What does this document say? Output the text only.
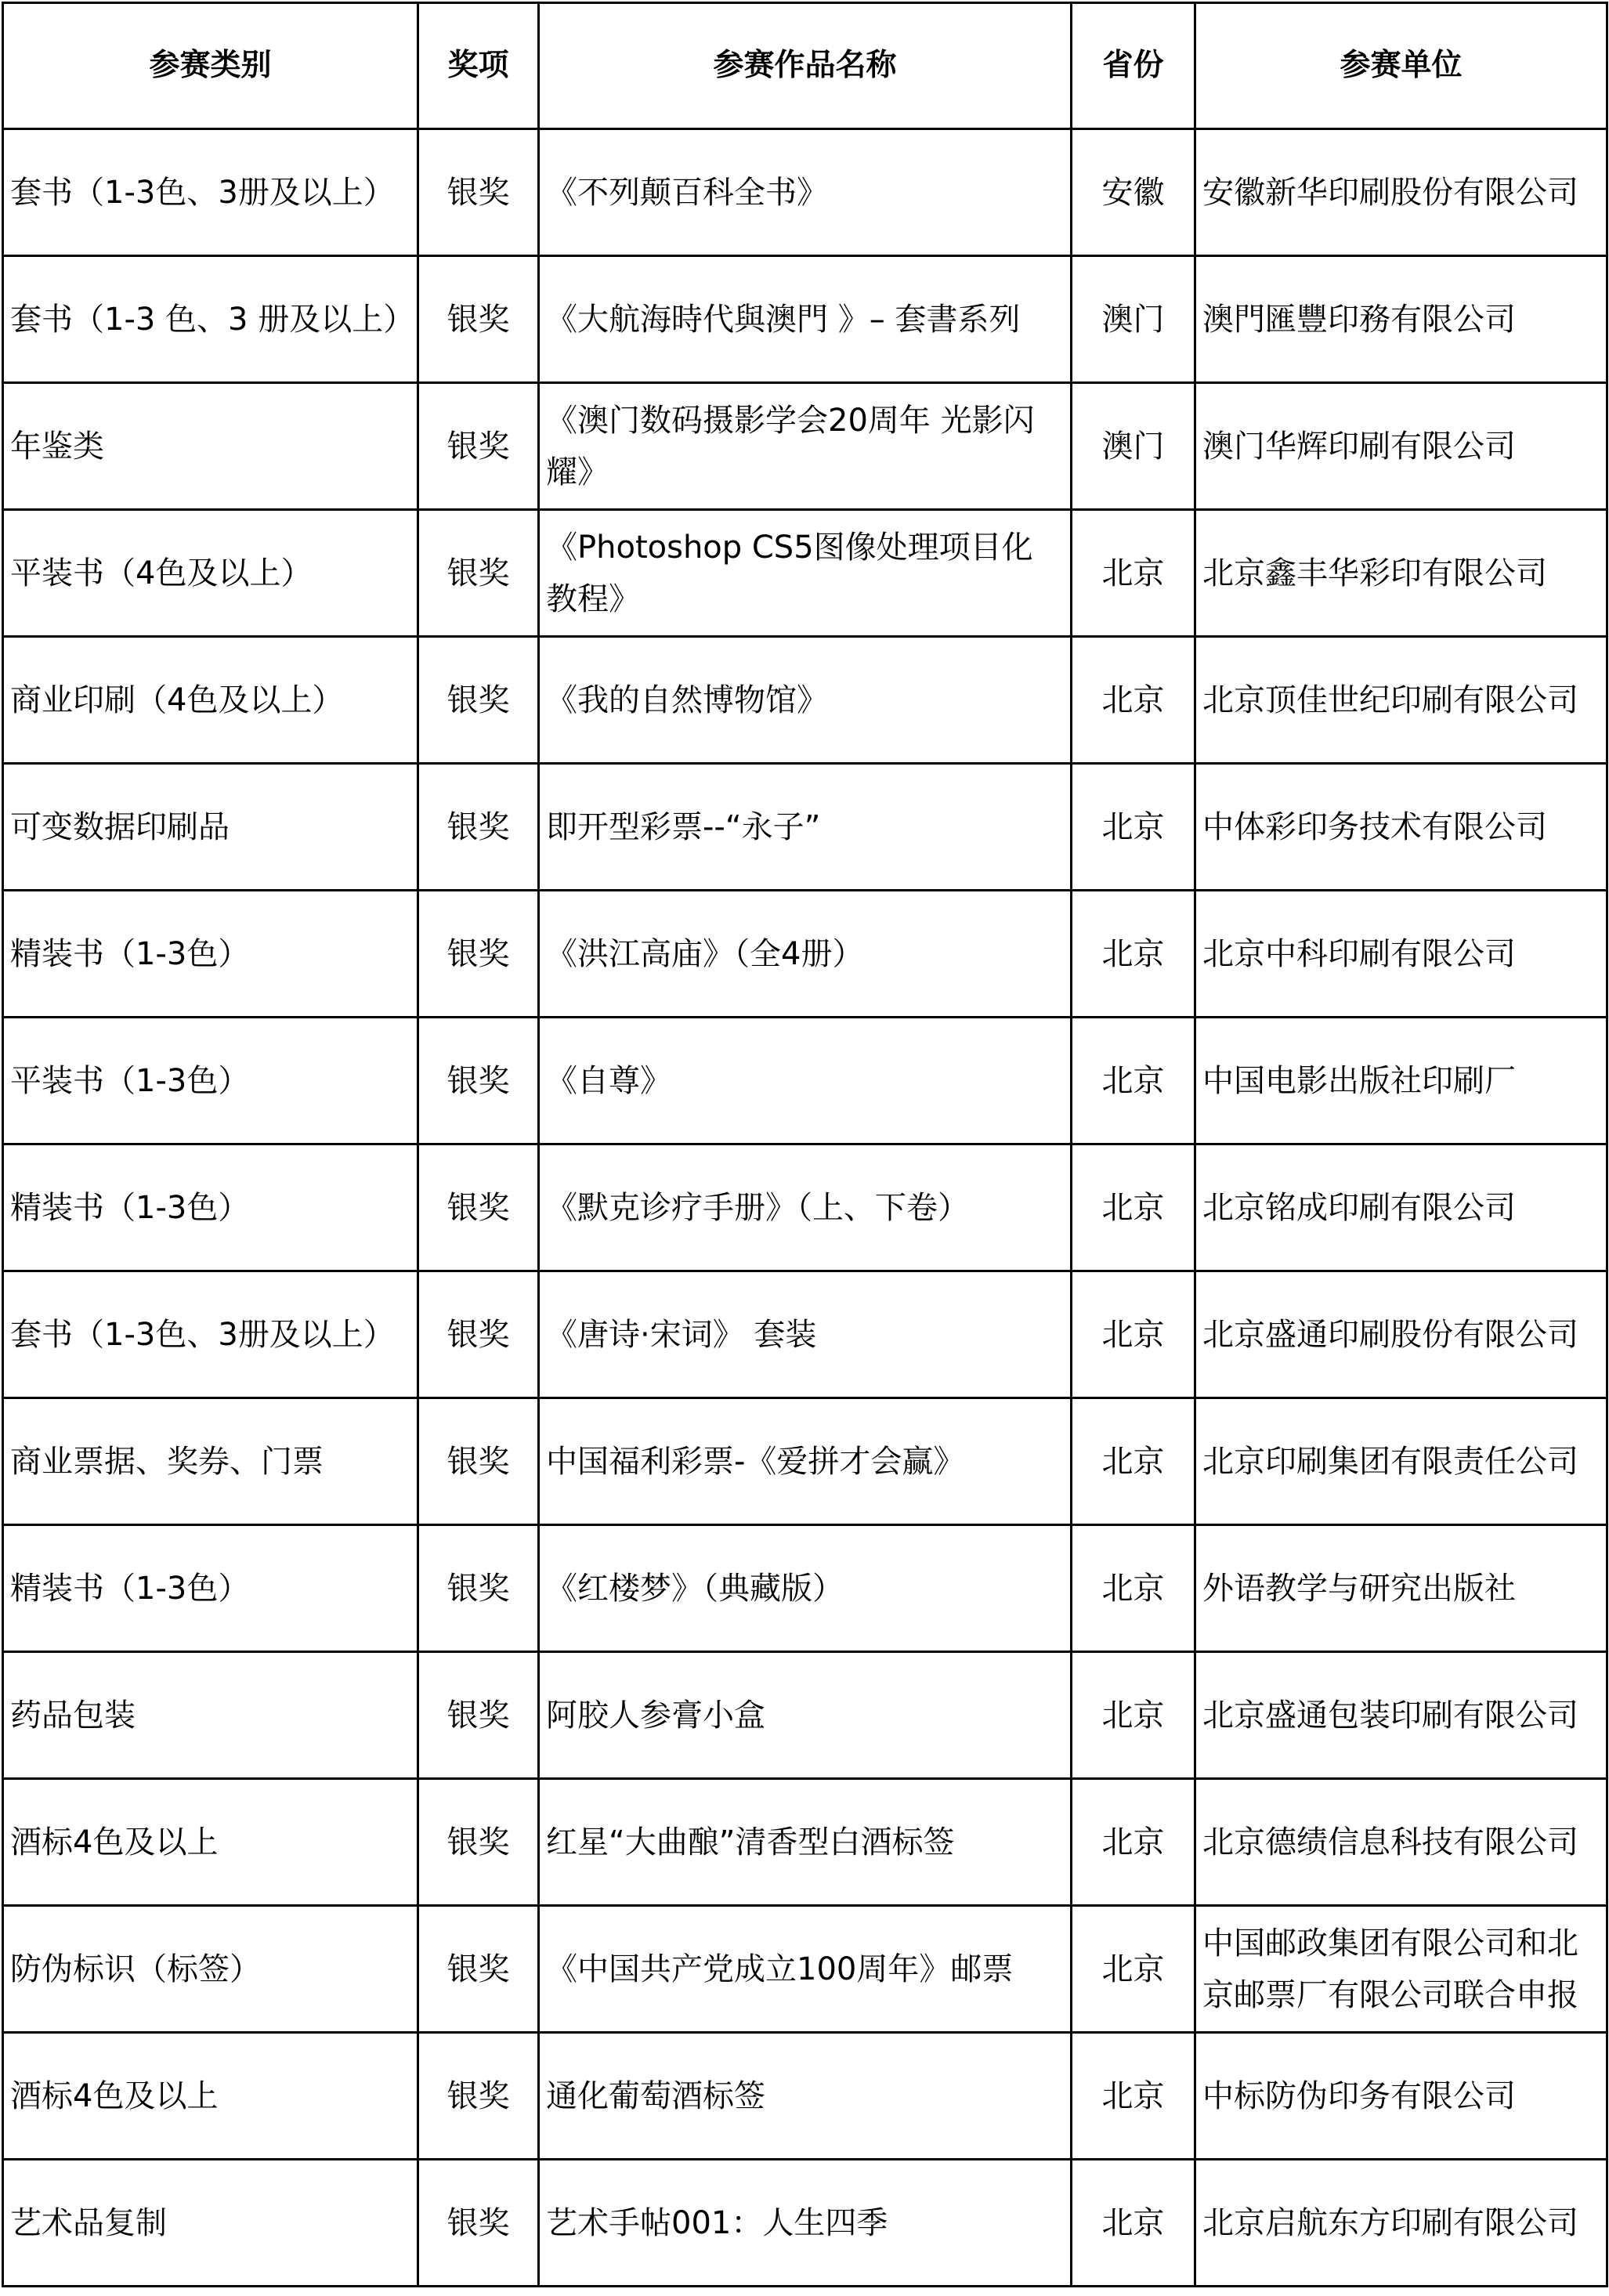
参赛类别	奖项	参赛作品名称	省份	参赛单位
套书（1-3色、3册及以上）	银奖	《不列颠百科全书》	安徽	安徽新华印刷股份有限公司
套书（1-3 色、3 册及以上）	银奖	《大航海時代與澳門 》– 套書系列	澳门	澳門匯豐印務有限公司
年鉴类	银奖	《澳门数码摄影学会20周年 光影闪耀》	澳门	澳门华辉印刷有限公司
平装书（4色及以上）	银奖	《Photoshop CS5图像处理项目化教程》	北京	北京鑫丰华彩印有限公司
商业印刷（4色及以上）	银奖	《我的自然博物馆》	北京	北京顶佳世纪印刷有限公司
可变数据印刷品	银奖	即开型彩票--“永子”	北京	中体彩印务技术有限公司
精装书（1-3色）	银奖	《洪江高庙》（全4册）	北京	北京中科印刷有限公司
平装书（1-3色）	银奖	《自尊》	北京	中国电影出版社印刷厂
精装书（1-3色）	银奖	《默克诊疗手册》（上、下卷）	北京	北京铭成印刷有限公司
套书（1-3色、3册及以上）	银奖	《唐诗·宋词》 套装	北京	北京盛通印刷股份有限公司
商业票据、奖券、门票	银奖	中国福利彩票-《爱拼才会赢》	北京	北京印刷集团有限责任公司
精装书（1-3色）	银奖	《红楼梦》（典藏版）	北京	外语教学与研究出版社
药品包装	银奖	阿胶人参膏小盒	北京	北京盛通包装印刷有限公司
酒标4色及以上	银奖	红星“大曲酿”清香型白酒标签	北京	北京德绩信息科技有限公司
防伪标识（标签）	银奖	《中国共产党成立100周年》邮票	北京	中国邮政集团有限公司和北京邮票厂有限公司联合申报
酒标4色及以上	银奖	通化葡萄酒标签	北京	中标防伪印务有限公司
艺术品复制	银奖	艺术手帖001：人生四季	北京	北京启航东方印刷有限公司
